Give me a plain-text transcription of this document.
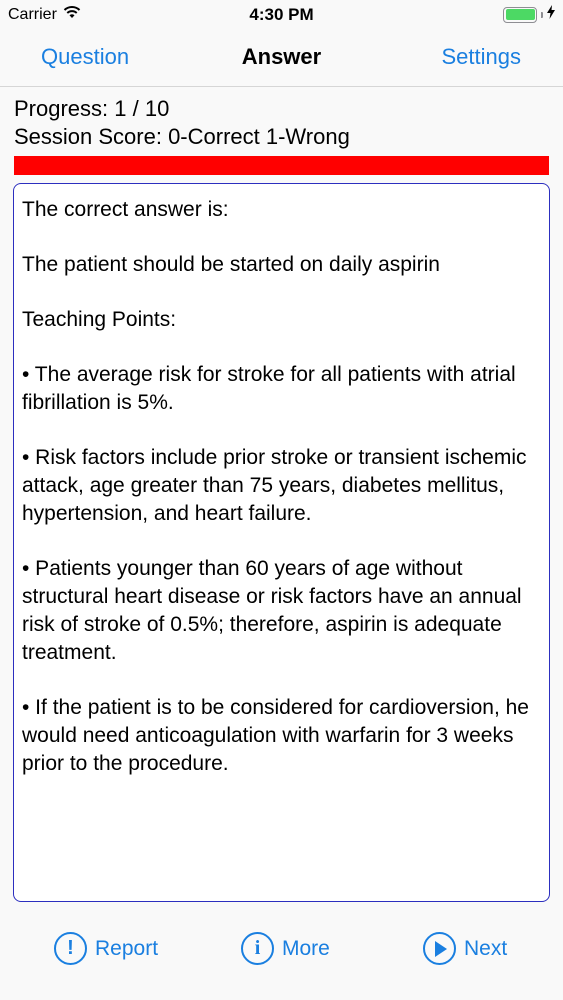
Carrier	4:30 PM
Question	Answer	Settings
Progress: 1 / 10
Session Score: 0-Correct 1-Wrong

The correct answer is:

The patient should be started on daily aspirin

Teaching Points:

• The average risk for stroke for all patients with atrial fibrillation is 5%.

• Risk factors include prior stroke or transient ischemic attack, age greater than 75 years, diabetes mellitus, hypertension, and heart failure.

• Patients younger than 60 years of age without structural heart disease or risk factors have an annual risk of stroke of 0.5%; therefore, aspirin is adequate treatment.

• If the patient is to be considered for cardioversion, he would need anticoagulation with warfarin for 3 weeks prior to the procedure.

!	Report	i	More	Next
